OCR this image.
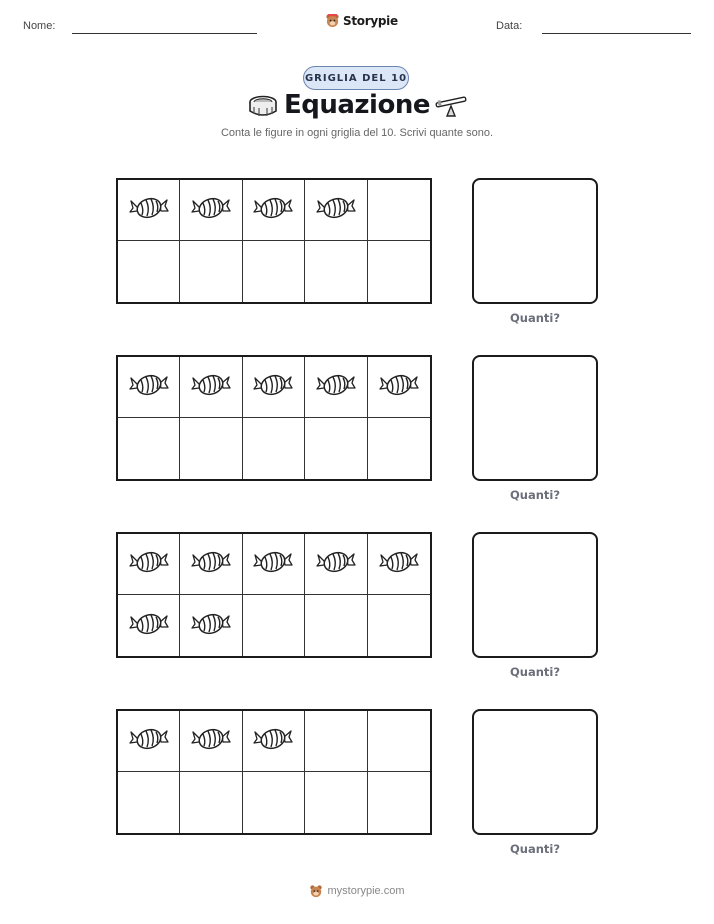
Nome:	Storypie	Data:
GRIGLIA DEL 10
Equazione
Conta le figure in ogni griglia del 10. Scrivi quante sono.
Quanti?
Quanti?
Quanti?
Quanti?
mystorypie.com
